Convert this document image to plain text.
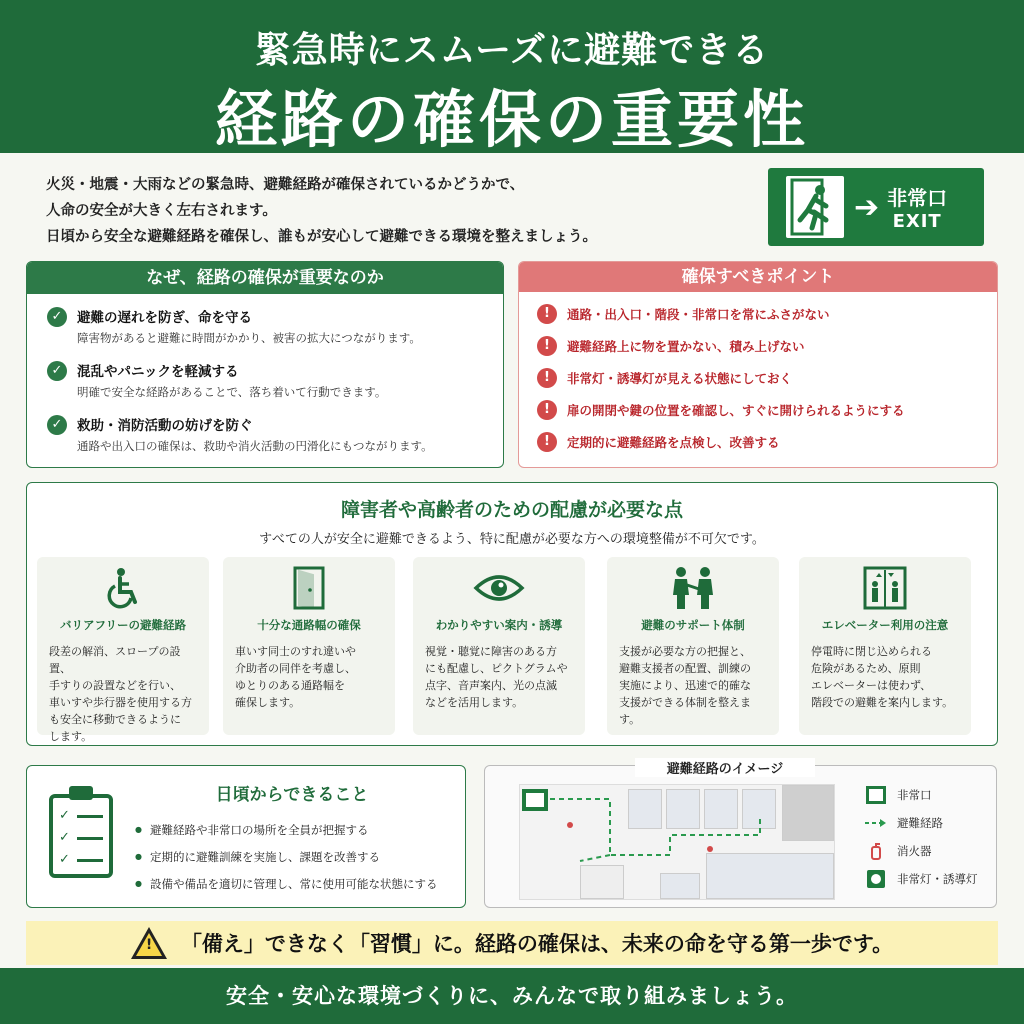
緊急時にスムーズに避難できる
経路の確保の重要性
火災・地震・大雨などの緊急時、避難経路が確保されているかどうかで、
人命の安全が大きく左右されます。
日頃から安全な避難経路を確保し、誰もが安心して避難できる環境を整えましょう。
➔ 非常口
EXIT
なぜ、経路の確保が重要なのか
✓	避難の遅れを防ぎ、命を守る
障害物があると避難に時間がかかり、被害の拡大につながります。
✓	混乱やパニックを軽減する
明確で安全な経路があることで、落ち着いて行動できます。
✓	救助・消防活動の妨げを防ぐ
通路や出入口の確保は、救助や消火活動の円滑化にもつながります。
確保すべきポイント
!	通路・出入口・階段・非常口を常にふさがない
!	避難経路上に物を置かない、積み上げない
!	非常灯・誘導灯が見える状態にしておく
!	扉の開閉や鍵の位置を確認し、すぐに開けられるようにする
!	定期的に避難経路を点検し、改善する
障害者や高齢者のための配慮が必要な点
すべての人が安全に避難できるよう、特に配慮が必要な方への環境整備が不可欠です。
バリアフリーの避難経路
段差の解消、スロープの設置、
手すりの設置などを行い、
車いすや歩行器を使用する方
も安全に移動できるように
します。
十分な通路幅の確保
車いす同士のすれ違いや
介助者の同伴を考慮し、
ゆとりのある通路幅を
確保します。
わかりやすい案内・誘導
視覚・聴覚に障害のある方
にも配慮し、ピクトグラムや
点字、音声案内、光の点滅
などを活用します。
避難のサポート体制
支援が必要な方の把握と、
避難支援者の配置、訓練の
実施により、迅速で的確な
支援ができる体制を整えます。
エレベーター利用の注意
停電時に閉じ込められる
危険があるため、原則
エレベーターは使わず、
階段での避難を案内します。
✓
✓
✓
日頃からできること
● 避難経路や非常口の場所を全員が把握する
● 定期的に避難訓練を実施し、課題を改善する
● 設備や備品を適切に管理し、常に使用可能な状態にする
避難経路のイメージ
非常口
避難経路
消火器
非常灯・誘導灯
! 「備え」できなく「習慣」に。経路の確保は、未来の命を守る第一歩です。
安全・安心な環境づくりに、みんなで取り組みましょう。
